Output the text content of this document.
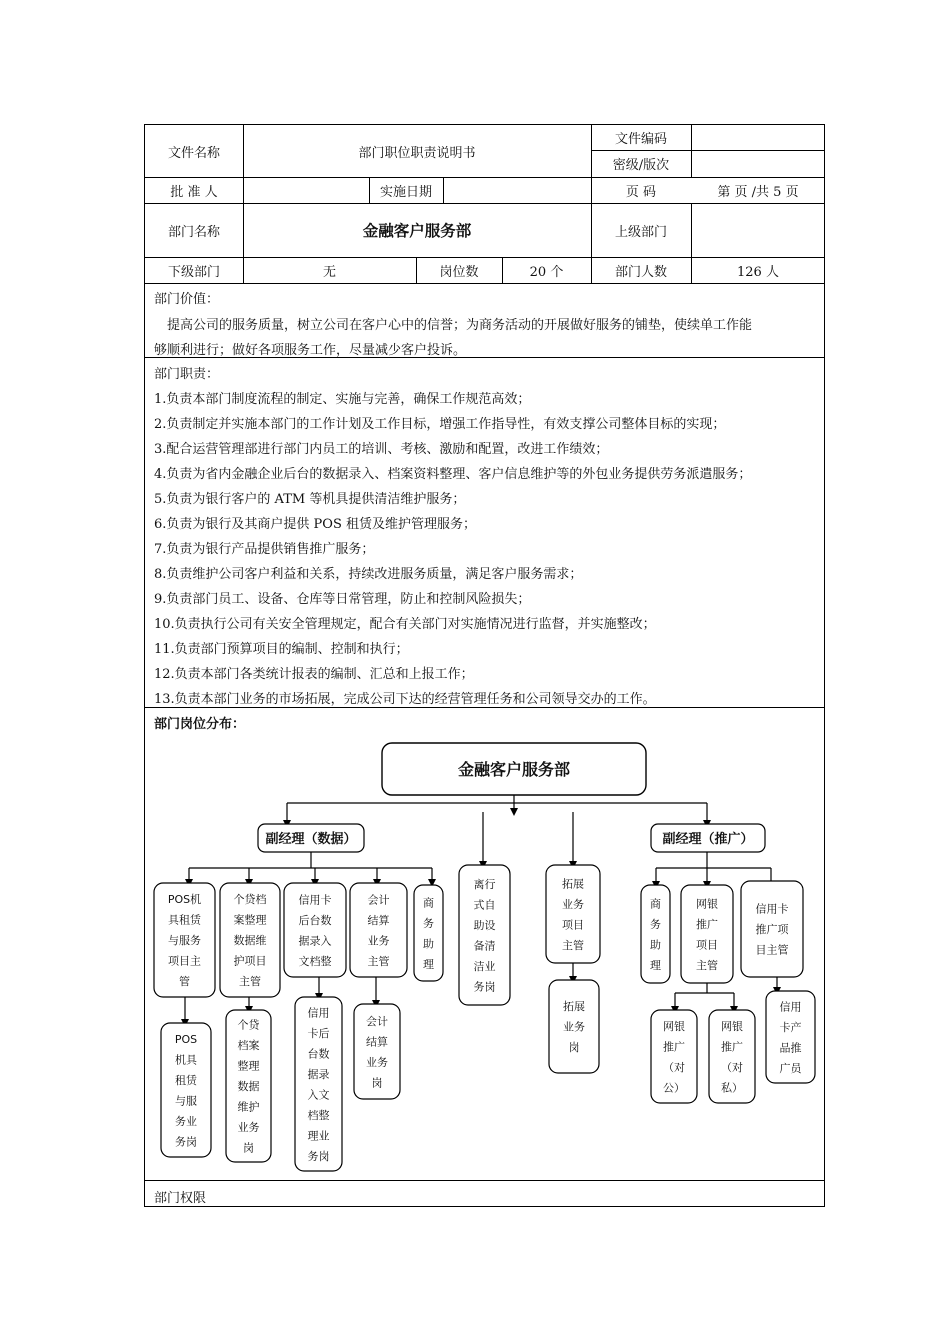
文件名称	部门职位职责说明书
文件编码
密级/版次
批 准 人	实施日期	页 码	第 页 /共 5 页
部门名称	金融客户服务部	上级部门
下级部门	无	岗位数	20 个	部门人数	126 人
部门价值：
提高公司的服务质量，树立公司在客户心中的信誉；为商务活动的开展做好服务的铺垫，使续单工作能
够顺利进行；做好各项服务工作，尽量减少客户投诉。
部门职责：
1.负责本部门制度流程的制定、实施与完善，确保工作规范高效；
2.负责制定并实施本部门的工作计划及工作目标，增强工作指导性，有效支撑公司整体目标的实现；
3.配合运营管理部进行部门内员工的培训、考核、激励和配置，改进工作绩效；
4.负责为省内金融企业后台的数据录入、档案资料整理、客户信息维护等的外包业务提供劳务派遣服务；
5.负责为银行客户的 ATM 等机具提供清洁维护服务；
6.负责为银行及其商户提供 POS 租赁及维护管理服务；
7.负责为银行产品提供销售推广服务；
8.负责维护公司客户利益和关系，持续改进服务质量，满足客户服务需求；
9.负责部门员工、设备、仓库等日常管理，防止和控制风险损失；
10.负责执行公司有关安全管理规定，配合有关部门对实施情况进行监督，并实施整改；
11.负责部门预算项目的编制、控制和执行；
12.负责本部门各类统计报表的编制、汇总和上报工作；
13.负责本部门业务的市场拓展，完成公司下达的经营管理任务和公司领导交办的工作。
部门岗位分布：
金融客户服务部
副经理（数据）	副经理（推广）
POS机
具租赁
与服务
项目主
管
个贷档
案整理
数据维
护项目
主管
信用卡
后台数
据录入
文档整
会计
结算
业务
主管
商
务
助
理
离行
式自
助设
备清
洁业
务岗
拓展
业务
项目
主管
商
务
助
理
网银
推广
项目
主管
信用卡
推广项
目主管
POS
机具
租赁
与服
务业
务岗
个贷
档案
整理
数据
维护
业务
岗
信用
卡后
台数
据录
入文
档整
理业
务岗
会计
结算
业务
岗
拓展
业务
岗
网银
推广
（对
公）
网银
推广
（对
私）
信用
卡产
品推
广员
部门权限
